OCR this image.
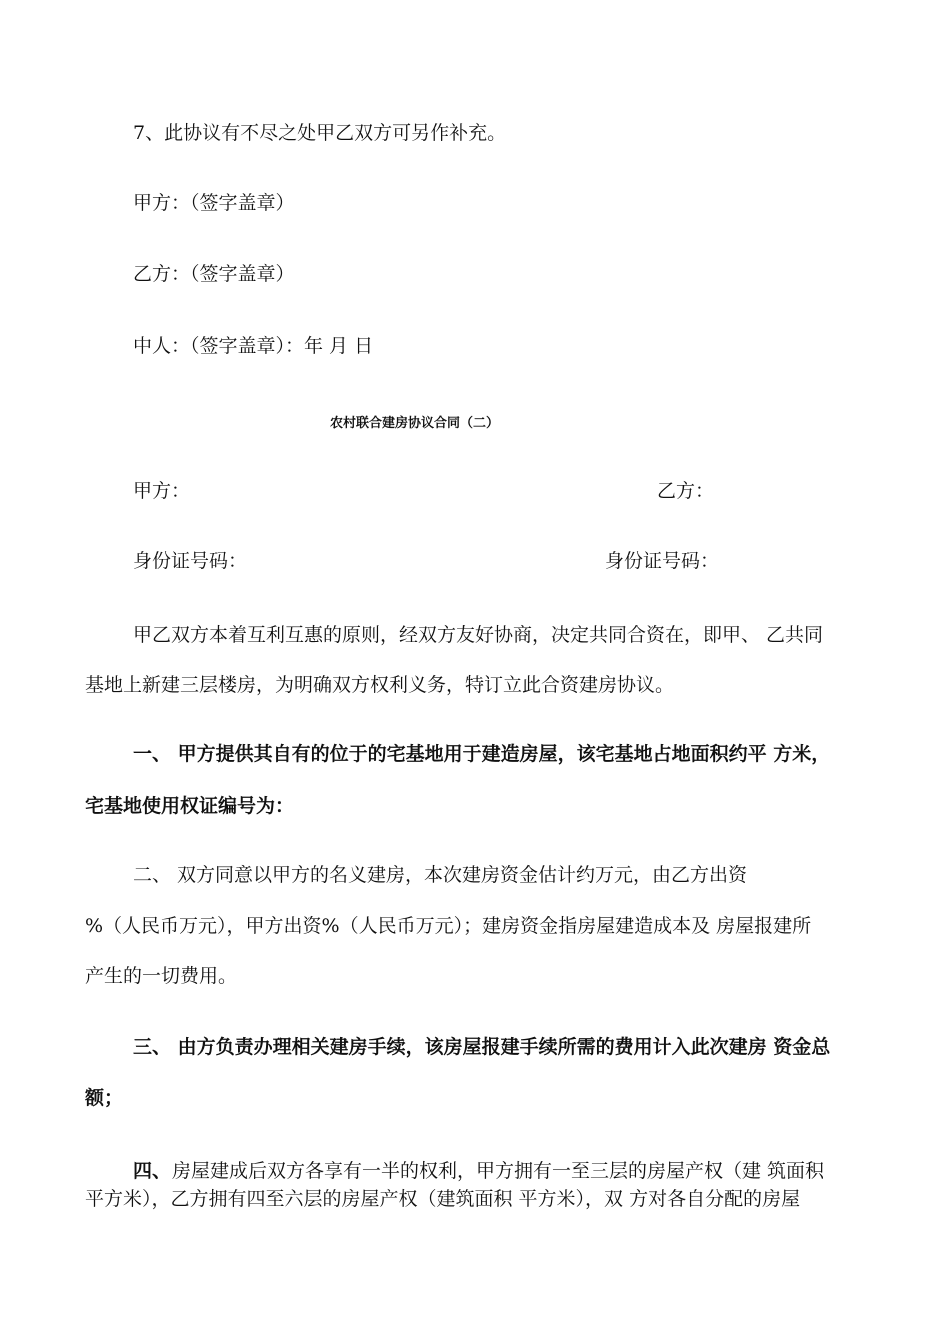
7、此协议有不尽之处甲乙双方可另作补充。
甲方：（签字盖章）
乙方：（签字盖章）
中人：（签字盖章）：年 月 日
农村联合建房协议合同（二）
甲方：	乙方：
身份证号码：	身份证号码：
甲乙双方本着互利互惠的原则，经双方友好协商，决定共同合资在，即甲、 乙共同
基地上新建三层楼房，为明确双方权利义务，特订立此合资建房协议。
一、 甲方提供其自有的位于的宅基地用于建造房屋，该宅基地占地面积约平 方米，
宅基地使用权证编号为：
二、 双方同意以甲方的名义建房，本次建房资金估计约万元，由乙方出资
%（人民币万元），甲方出资%（人民币万元）；建房资金指房屋建造成本及 房屋报建所
产生的一切费用。
三、 由方负责办理相关建房手续，该房屋报建手续所需的费用计入此次建房 资金总
额；
四、 房屋建成后双方各享有一半的权利，甲方拥有一至三层的房屋产权（建 筑面积
平方米），乙方拥有四至六层的房屋产权（建筑面积 平方米），双 方对各自分配的房屋
